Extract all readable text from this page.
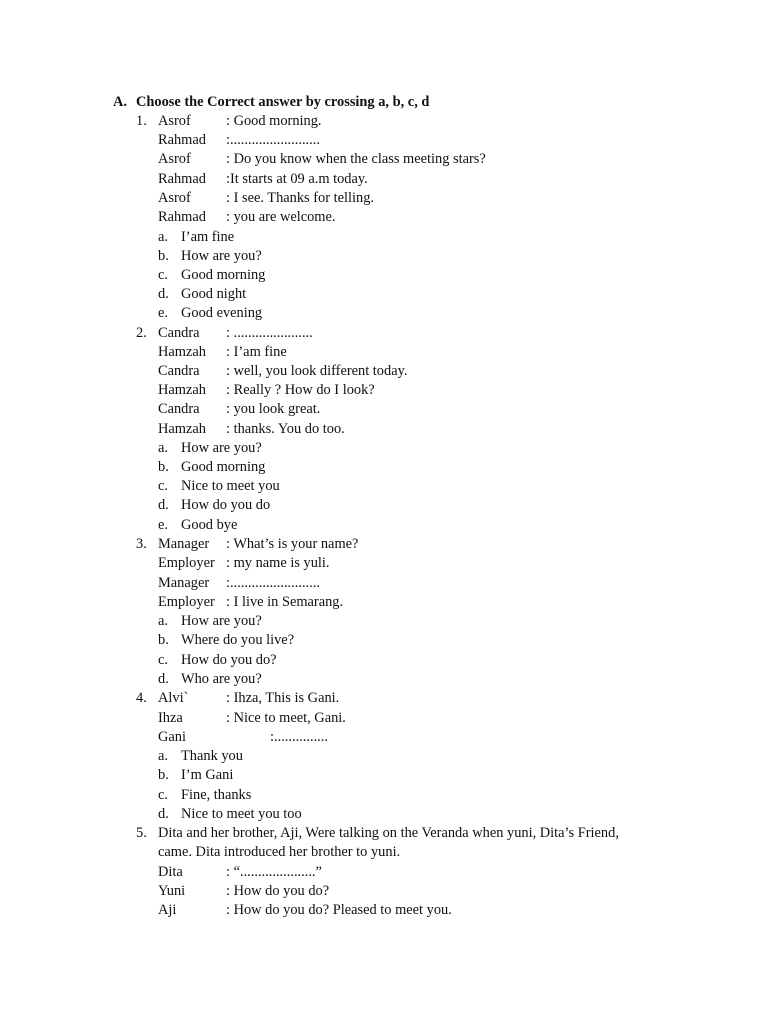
A. Choose the Correct answer by crossing a, b, c, d
1. Asrof : Good morning.
Rahmad :.........................
Asrof : Do you know when the class meeting stars?
Rahmad :It starts at 09 a.m today.
Asrof : I see. Thanks for telling.
Rahmad : you are welcome.
a. I’am fine
b. How are you?
c. Good morning
d. Good night
e. Good evening
2. Candra : ......................
Hamzah : I’am fine
Candra : well, you look different today.
Hamzah : Really ? How do I look?
Candra : you look great.
Hamzah : thanks. You do too.
a. How are you?
b. Good morning
c. Nice to meet you
d. How do you do
e. Good bye
3. Manager : What’s is your name?
Employer : my name is yuli.
Manager :.........................
Employer : I live in Semarang.
a. How are you?
b. Where do you live?
c. How do you do?
d. Who are you?
4. Alvi`	: Ihza, This is Gani.
Ihza	: Nice to meet, Gani.
Gani	:...............
a. Thank you
b. I’m Gani
c. Fine, thanks
d. Nice to meet you too
5. Dita and her brother, Aji, Were talking on the Veranda when yuni, Dita’s Friend,
came. Dita introduced her brother to yuni.
Dita	: “.....................”
Yuni	: How do you do?
Aji	: How do you do? Pleased to meet you.
